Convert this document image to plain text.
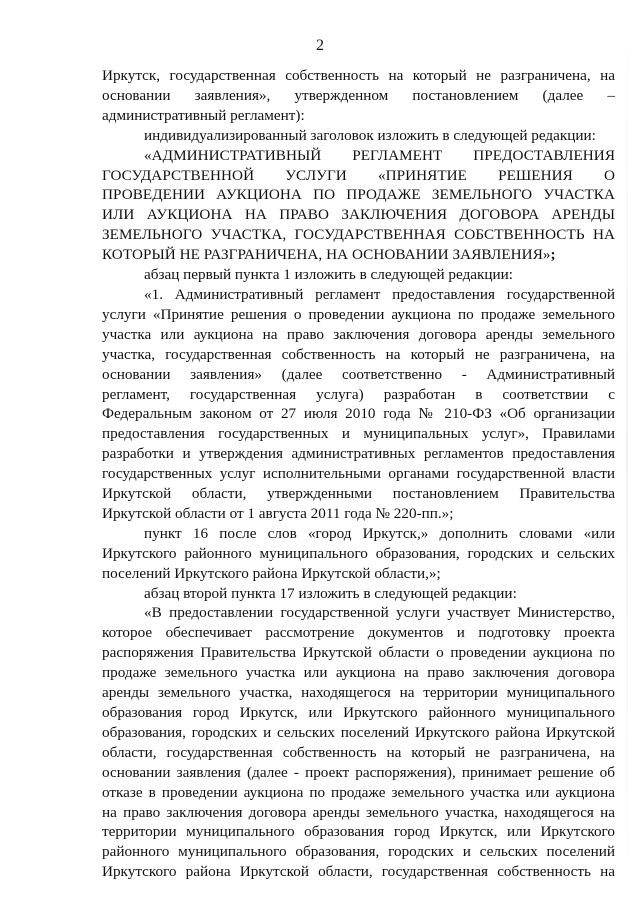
2
Иркутск, государственная собственность на который не разграничена, на
основании заявления», утвержденном постановлением (далее –
административный регламент):
индивидуализированный заголовок изложить в следующей редакции:
«АДМИНИСТРАТИВНЫЙ РЕГЛАМЕНТ ПРЕДОСТАВЛЕНИЯ
ГОСУДАРСТВЕННОЙ УСЛУГИ «ПРИНЯТИЕ РЕШЕНИЯ О
ПРОВЕДЕНИИ АУКЦИОНА ПО ПРОДАЖЕ ЗЕМЕЛЬНОГО УЧАСТКА
ИЛИ АУКЦИОНА НА ПРАВО ЗАКЛЮЧЕНИЯ ДОГОВОРА АРЕНДЫ
ЗЕМЕЛЬНОГО УЧАСТКА, ГОСУДАРСТВЕННАЯ СОБСТВЕННОСТЬ НА
КОТОРЫЙ НЕ РАЗГРАНИЧЕНА, НА ОСНОВАНИИ ЗАЯВЛЕНИЯ»;
абзац первый пункта 1 изложить в следующей редакции:
«1. Административный регламент предоставления государственной
услуги «Принятие решения о проведении аукциона по продаже земельного
участка или аукциона на право заключения договора аренды земельного
участка, государственная собственность на который не разграничена, на
основании заявления» (далее соответственно - Административный
регламент, государственная услуга) разработан в соответствии с
Федеральным законом от 27 июля 2010 года № 210-ФЗ «Об организации
предоставления государственных и муниципальных услуг», Правилами
разработки и утверждения административных регламентов предоставления
государственных услуг исполнительными органами государственной власти
Иркутской области, утвержденными постановлением Правительства
Иркутской области от 1 августа 2011 года № 220-пп.»;
пункт 16 после слов «город Иркутск,» дополнить словами «или
Иркутского районного муниципального образования, городских и сельских
поселений Иркутского района Иркутской области,»;
абзац второй пункта 17 изложить в следующей редакции:
«В предоставлении государственной услуги участвует Министерство,
которое обеспечивает рассмотрение документов и подготовку проекта
распоряжения Правительства Иркутской области о проведении аукциона по
продаже земельного участка или аукциона на право заключения договора
аренды земельного участка, находящегося на территории муниципального
образования город Иркутск, или Иркутского районного муниципального
образования, городских и сельских поселений Иркутского района Иркутской
области, государственная собственность на который не разграничена, на
основании заявления (далее - проект распоряжения), принимает решение об
отказе в проведении аукциона по продаже земельного участка или аукциона
на право заключения договора аренды земельного участка, находящегося на
территории муниципального образования город Иркутск, или Иркутского
районного муниципального образования, городских и сельских поселений
Иркутского района Иркутской области, государственная собственность на
